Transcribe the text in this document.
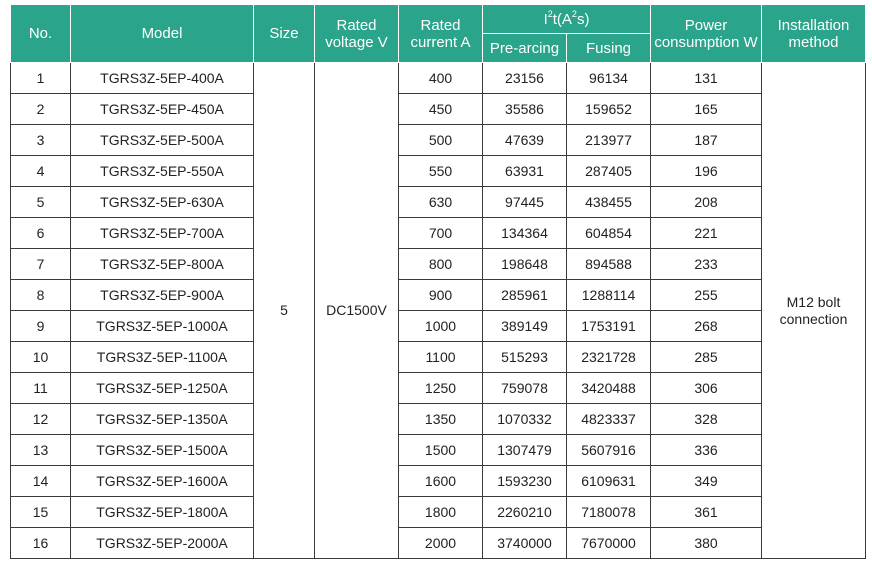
No.	Model	Size	Rated voltage V	Rated current A	$I^2t(A^2s)$		Power consumption W	Installation method
					Pre-arcing	Fusing		
1	TGRS3Z-5EP-400A	5	DC1500V	400	23156	96134	131	M12 bolt connection
2	TGRS3Z-5EP-450A			450	35586	159652	165	
3	TGRS3Z-5EP-500A			500	47639	213977	187	
4	TGRS3Z-5EP-550A			550	63931	287405	196	
5	TGRS3Z-5EP-630A			630	97445	438455	208	
6	TGRS3Z-5EP-700A			700	134364	604854	221	
7	TGRS3Z-5EP-800A			800	198648	894588	233	
8	TGRS3Z-5EP-900A			900	285961	1288114	255	
9	TGRS3Z-5EP-1000A			1000	389149	1753191	268	
10	TGRS3Z-5EP-1100A			1100	515293	2321728	285	
11	TGRS3Z-5EP-1250A			1250	759078	3420488	306	
12	TGRS3Z-5EP-1350A			1350	1070332	4823337	328	
13	TGRS3Z-5EP-1500A			1500	1307479	5607916	336	
14	TGRS3Z-5EP-1600A			1600	1593230	6109631	349	
15	TGRS3Z-5EP-1800A			1800	2260210	7180078	361	
16	TGRS3Z-5EP-2000A			2000	3740000	7670000	380	
